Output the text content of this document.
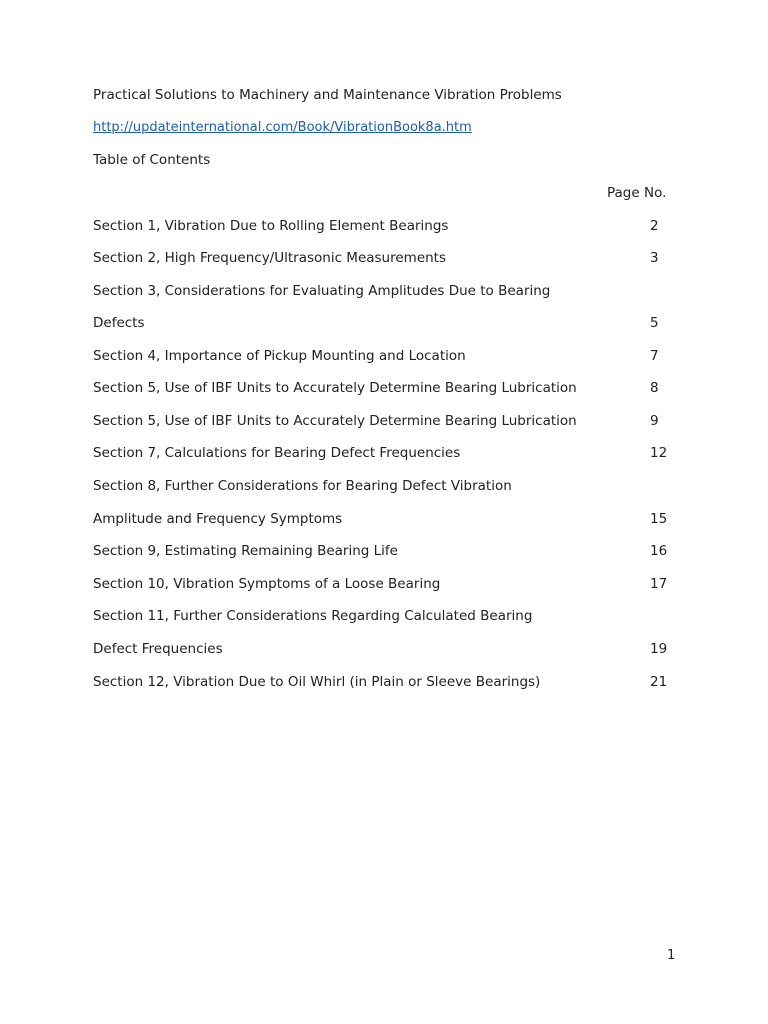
Practical Solutions to Machinery and Maintenance Vibration Problems
http://updateinternational.com/Book/VibrationBook8a.htm
Table of Contents
Page No.
Section 1, Vibration Due to Rolling Element Bearings	2
Section 2, High Frequency/Ultrasonic Measurements	3
Section 3, Considerations for Evaluating Amplitudes Due to Bearing
Defects	5
Section 4, Importance of Pickup Mounting and Location	7
Section 5, Use of IBF Units to Accurately Determine Bearing Lubrication	8
Section 5, Use of IBF Units to Accurately Determine Bearing Lubrication	9
Section 7, Calculations for Bearing Defect Frequencies	12
Section 8, Further Considerations for Bearing Defect Vibration
Amplitude and Frequency Symptoms	15
Section 9, Estimating Remaining Bearing Life	16
Section 10, Vibration Symptoms of a Loose Bearing	17
Section 11, Further Considerations Regarding Calculated Bearing
Defect Frequencies	19
Section 12, Vibration Due to Oil Whirl (in Plain or Sleeve Bearings)	21
1
